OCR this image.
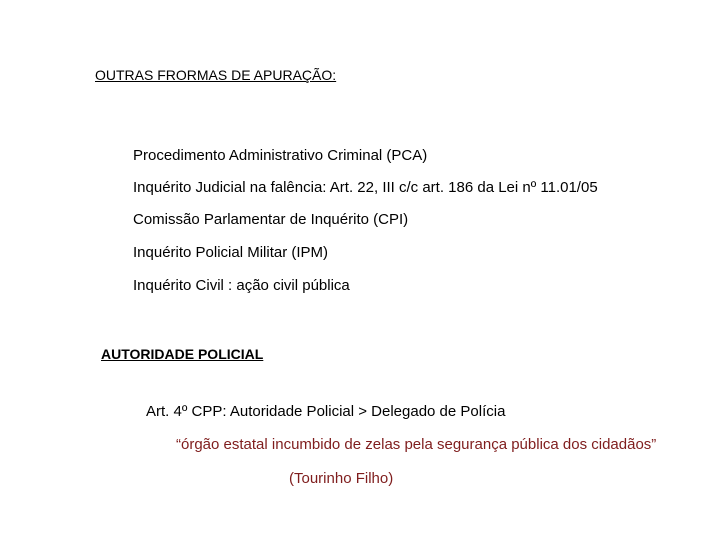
OUTRAS FRORMAS DE APURAÇÃO:
Procedimento Administrativo Criminal (PCA)
Inquérito Judicial na falência: Art. 22, III c/c art. 186 da Lei nº 11.01/05
Comissão Parlamentar de Inquérito (CPI)
Inquérito Policial Militar (IPM)
Inquérito Civil : ação civil pública
AUTORIDADE POLICIAL
Art. 4º CPP: Autoridade Policial > Delegado de Polícia
“órgão estatal incumbido de zelas pela segurança pública dos cidadãos”
(Tourinho Filho)
